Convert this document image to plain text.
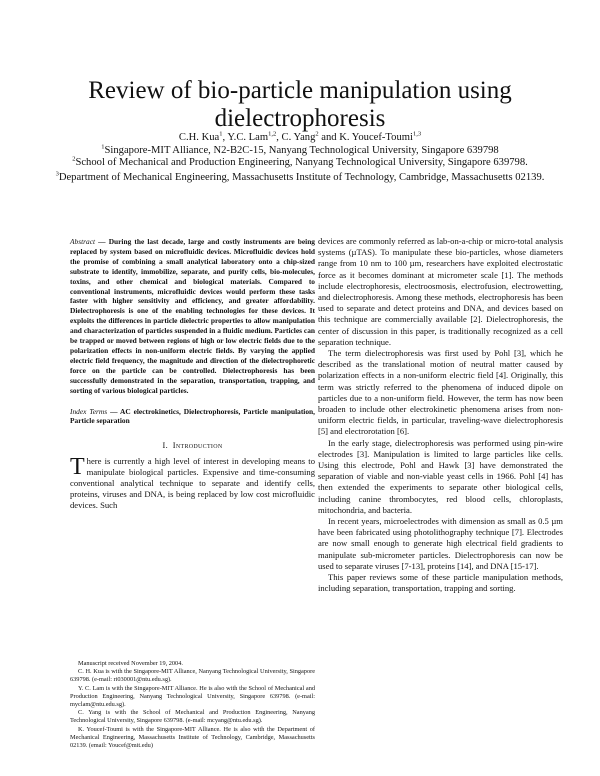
Review of bio-particle manipulation using dielectrophoresis
C.H. Kua$^1$, Y.C. Lam$^{1,2}$, C. Yang$^2$ and K. Youcef-Toumi$^{1,3}$
$^1$Singapore-MIT Alliance, N2-B2C-15, Nanyang Technological University, Singapore 639798
$^2$School of Mechanical and Production Engineering, Nanyang Technological University, Singapore 639798.
$^3$Department of Mechanical Engineering, Massachusetts Institute of Technology, Cambridge, Massachusetts 02139.

Abstract — During the last decade, large and costly instruments are being replaced by system based on microfluidic devices. Microfluidic devices hold the promise of combining a small analytical laboratory onto a chip-sized substrate to identify, immobilize, separate, and purify cells, bio-molecules, toxins, and other chemical and biological materials. Compared to conventional instruments, microfluidic devices would perform these tasks faster with higher sensitivity and efficiency, and greater affordability. Dielectrophoresis is one of the enabling technologies for these devices. It exploits the differences in particle dielectric properties to allow manipulation and characterization of particles suspended in a fluidic medium. Particles can be trapped or moved between regions of high or low electric fields due to the polarization effects in non-uniform electric fields. By varying the applied electric field frequency, the magnitude and direction of the dielectrophoretic force on the particle can be controlled. Dielectrophoresis has been successfully demonstrated in the separation, transportation, trapping, and sorting of various biological particles.

Index Terms — AC electrokinetics, Dielectrophoresis, Particle manipulation, Particle separation

I. Introduction

There is currently a high level of interest in developing means to manipulate biological particles. Expensive and time-consuming conventional analytical technique to separate and identify cells, proteins, viruses and DNA, is being replaced by low cost microfluidic devices. Such

Manuscript received November 19, 2004.

C. H. Kua is with the Singapore-MIT Alliance, Nanyang Technological University, Singapore 639798. (e-mail: ri030001@ntu.edu.sg).

Y. C. Lam is with the Singapore-MIT Alliance. He is also with the School of Mechanical and Production Engineering, Nanyang Technological University, Singapore 639798. (e-mail: myclam@ntu.edu.sg).

C. Yang is with the School of Mechanical and Production Engineering, Nanyang Technological University, Singapore 639798. (e-mail: mcyang@ntu.edu.sg).

K. Youcef-Toumi is with the Singapore-MIT Alliance. He is also with the Department of Mechanical Engineering, Massachusetts Institute of Technology, Cambridge, Massachusetts 02139. (email: Youcef@mit.edu)

devices are commonly referred as lab-on-a-chip or micro-total analysis systems (µTAS). To manipulate these bio-particles, whose diameters range from 10 nm to 100 µm, researchers have exploited electrostatic force as it becomes dominant at micrometer scale [1]. The methods include electrophoresis, electroosmosis, electrofusion, electrowetting, and dielectrophoresis. Among these methods, electrophoresis has been used to separate and detect proteins and DNA, and devices based on this technique are commercially available [2]. Dielectrophoresis, the center of discussion in this paper, is traditionally recognized as a cell separation technique.

The term dielectrophoresis was first used by Pohl [3], which he described as the translational motion of neutral matter caused by polarization effects in a non-uniform electric field [4]. Originally, this term was strictly referred to the phenomena of induced dipole on particles due to a non-uniform field. However, the term has now been broaden to include other electrokinetic phenomena arises from non-uniform electric fields, in particular, traveling-wave dielectrophoresis [5] and electrorotation [6].

In the early stage, dielectrophoresis was performed using pin-wire electrodes [3]. Manipulation is limited to large particles like cells. Using this electrode, Pohl and Hawk [3] have demonstrated the separation of viable and non-viable yeast cells in 1966. Pohl [4] has then extended the experiments to separate other biological cells, including canine thrombocytes, red blood cells, chloroplasts, mitochondria, and bacteria.

In recent years, microelectrodes with dimension as small as 0.5 µm have been fabricated using photolithography technique [7]. Electrodes are now small enough to generate high electrical field gradients to manipulate sub-micrometer particles. Dielectrophoresis can now be used to separate viruses [7-13], proteins [14], and DNA [15-17].

This paper reviews some of these particle manipulation methods, including separation, transportation, trapping and sorting.
